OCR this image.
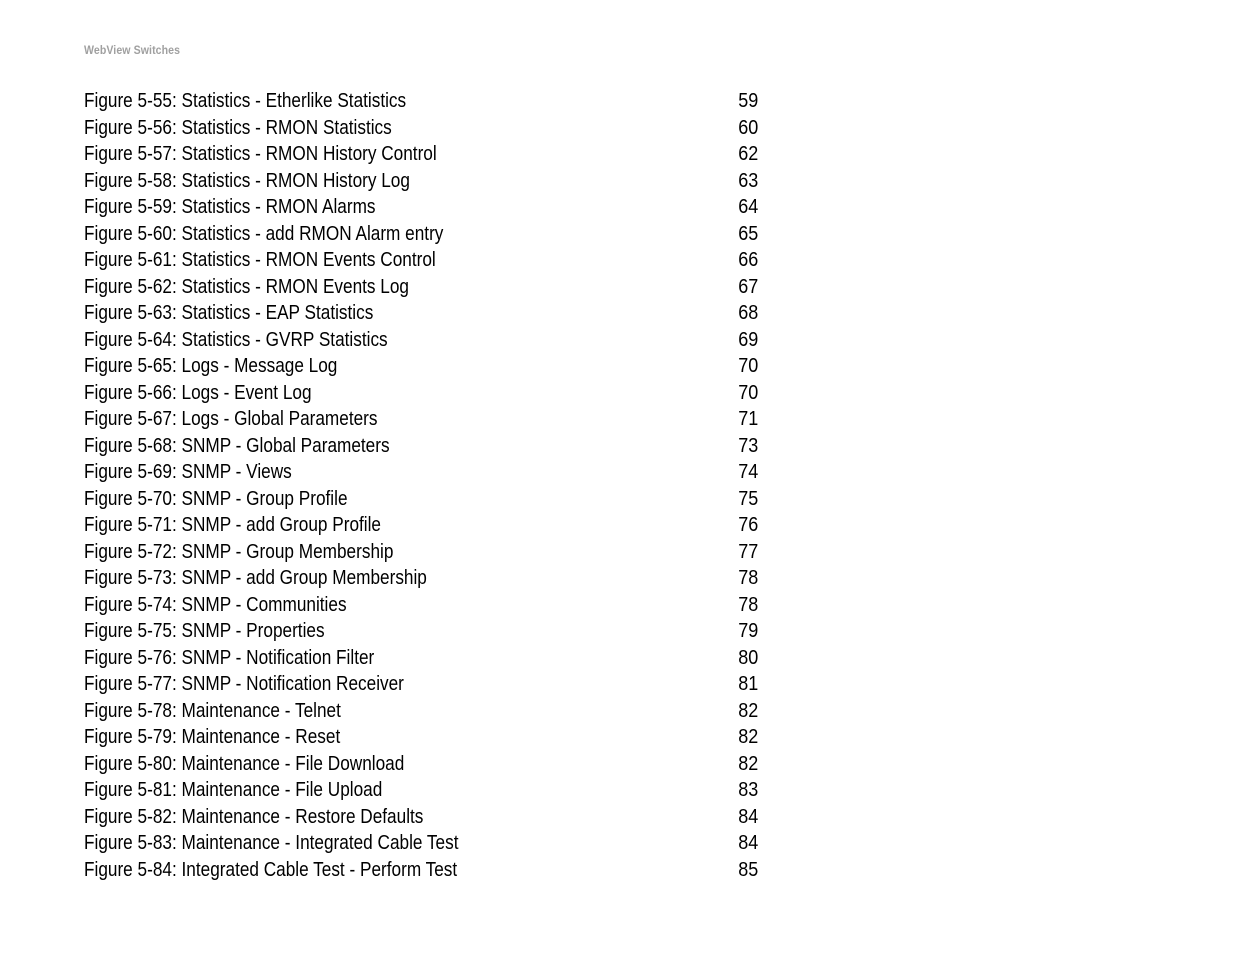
WebView Switches
Figure 5-55: Statistics - Etherlike Statistics	59
Figure 5-56: Statistics - RMON Statistics	60
Figure 5-57: Statistics - RMON History Control	62
Figure 5-58: Statistics - RMON History Log	63
Figure 5-59: Statistics - RMON Alarms	64
Figure 5-60: Statistics - add RMON Alarm entry	65
Figure 5-61: Statistics - RMON Events Control	66
Figure 5-62: Statistics - RMON Events Log	67
Figure 5-63: Statistics - EAP Statistics	68
Figure 5-64: Statistics - GVRP Statistics	69
Figure 5-65: Logs - Message Log	70
Figure 5-66: Logs - Event Log	70
Figure 5-67: Logs - Global Parameters	71
Figure 5-68: SNMP - Global Parameters	73
Figure 5-69: SNMP - Views	74
Figure 5-70: SNMP - Group Profile	75
Figure 5-71: SNMP - add Group Profile	76
Figure 5-72: SNMP - Group Membership	77
Figure 5-73: SNMP - add Group Membership	78
Figure 5-74: SNMP - Communities	78
Figure 5-75: SNMP - Properties	79
Figure 5-76: SNMP - Notification Filter	80
Figure 5-77: SNMP - Notification Receiver	81
Figure 5-78: Maintenance - Telnet	82
Figure 5-79: Maintenance - Reset	82
Figure 5-80: Maintenance - File Download	82
Figure 5-81: Maintenance - File Upload	83
Figure 5-82: Maintenance - Restore Defaults	84
Figure 5-83: Maintenance - Integrated Cable Test	84
Figure 5-84: Integrated Cable Test - Perform Test	85
